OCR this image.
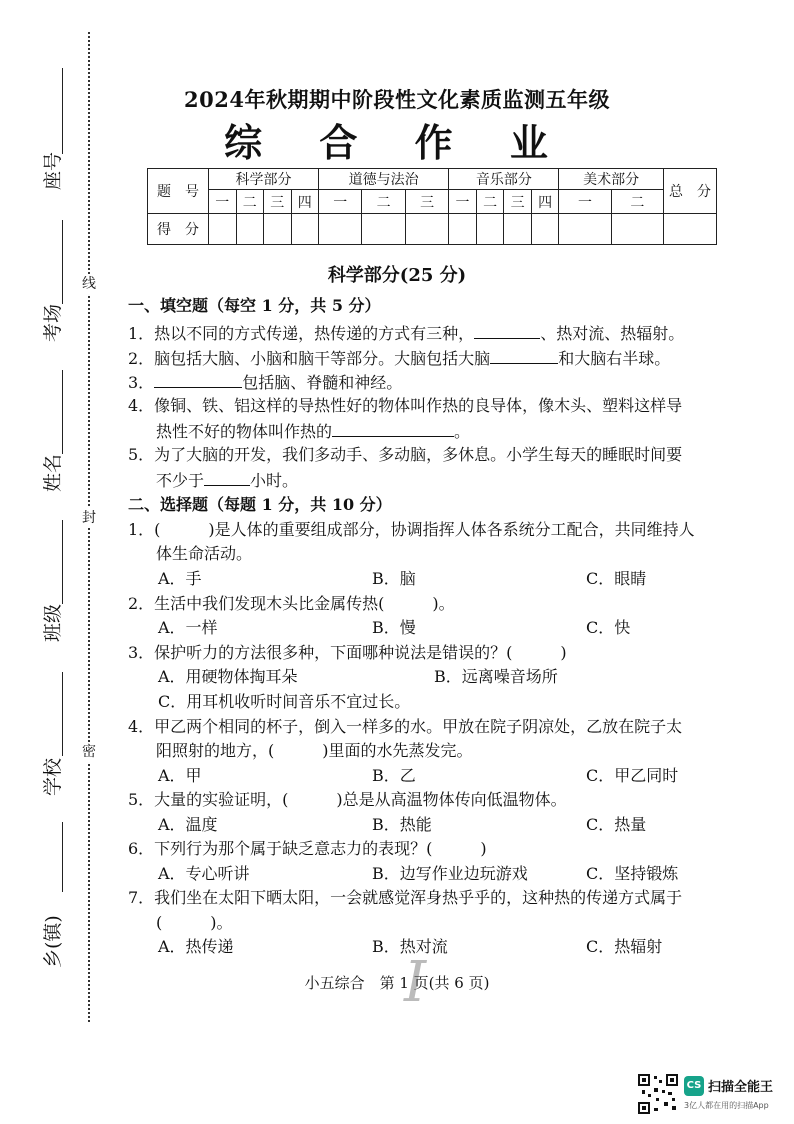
线
封
密
座号
考场
姓名
班级
学校
乡(镇)
2024年秋期期中阶段性文化素质监测五年级
综 合 作 业
题　号	科学部分				道德与法治			音乐部分				美术部分		总　分
	一	二	三	四	一	二	三	一	二	三	四	一	二	
得　分														
科学部分(25 分)
一、填空题（每空 1 分，共 5 分）
1．热以不同的方式传递，热传递的方式有三种，	、热对流、热辐射。
2．脑包括大脑、小脑和脑干等部分。大脑包括大脑	和大脑右半球。
3．	包括脑、脊髓和神经。
4．像铜、铁、铝这样的导热性好的物体叫作热的良导体，像木头、塑料这样导
热性不好的物体叫作热的	。
5．为了大脑的开发，我们多动手、多动脑，多休息。小学生每天的睡眠时间要
不少于	小时。
二、选择题（每题 1 分，共 10 分）
1．(　　　)是人体的重要组成部分，协调指挥人体各系统分工配合，共同维持人
体生命活动。
A．手	B．脑	C．眼睛
2．生活中我们发现木头比金属传热(　　　)。
A．一样	B．慢	C．快
3．保护听力的方法很多种，下面哪种说法是错误的？(　　　)
A．用硬物体掏耳朵	B．远离噪音场所
C．用耳机收听时间音乐不宜过长。
4．甲乙两个相同的杯子，倒入一样多的水。甲放在院子阴凉处，乙放在院子太
阳照射的地方，(　　　)里面的水先蒸发完。
A．甲	B．乙	C．甲乙同时
5．大量的实验证明，(　　　)总是从高温物体传向低温物体。
A．温度	B．热能	C．热量
6．下列行为那个属于缺乏意志力的表现？(　　　)
A．专心听讲	B．边写作业边玩游戏	C．坚持锻炼
7．我们坐在太阳下晒太阳，一会就感觉浑身热乎乎的，这种热的传递方式属于
(　　　)。
A．热传递	B．热对流	C．热辐射
I
小五综合　第 1 页(共 6 页)
CS 扫描全能王
3亿人都在用的扫描App
